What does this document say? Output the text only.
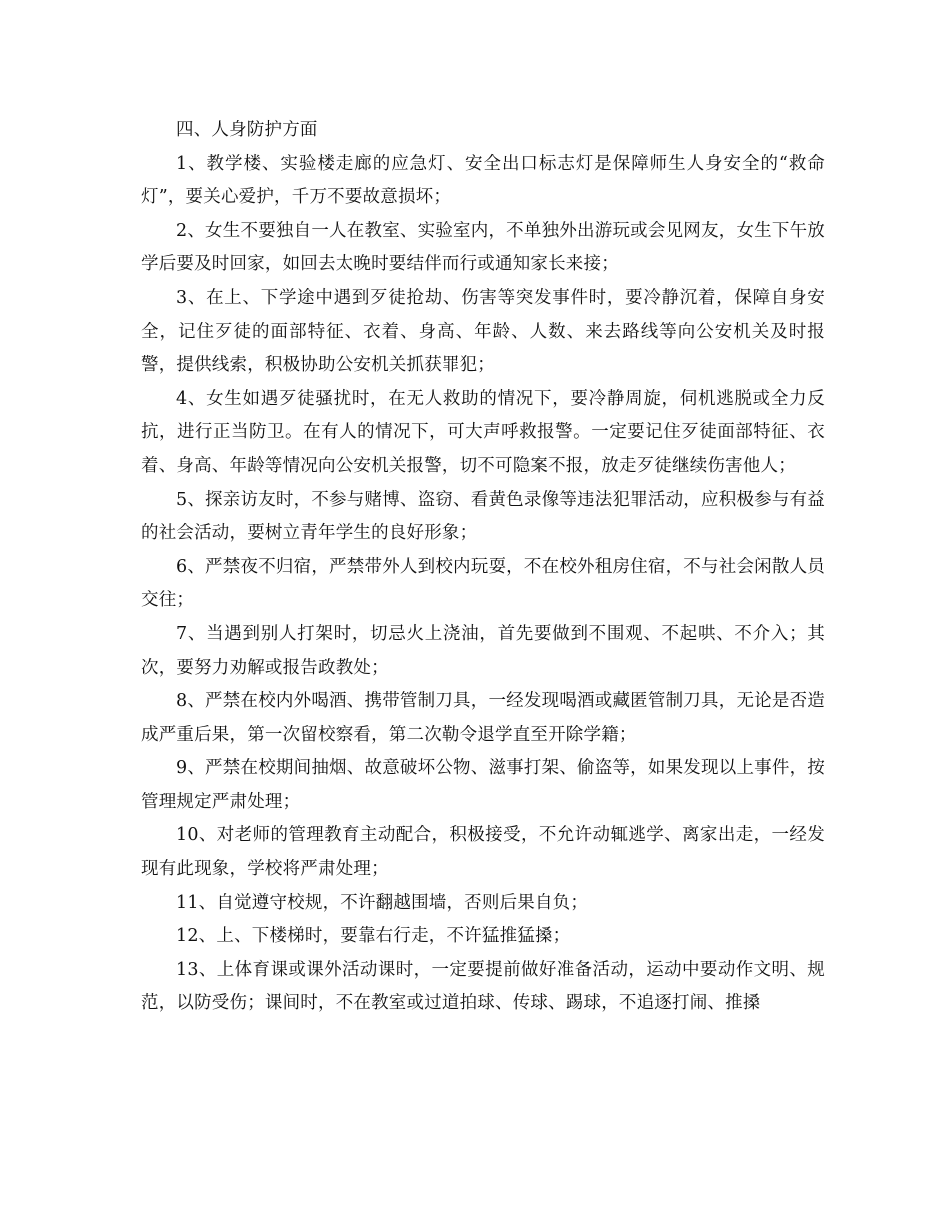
四、人身防护方面

1、教学楼、实验楼走廊的应急灯、安全出口标志灯是保障师生人身安全的“救命灯”，要关心爱护，千万不要故意损坏；

2、女生不要独自一人在教室、实验室内，不单独外出游玩或会见网友，女生下午放学后要及时回家，如回去太晚时要结伴而行或通知家长来接；

3、在上、下学途中遇到歹徒抢劫、伤害等突发事件时，要冷静沉着，保障自身安全，记住歹徒的面部特征、衣着、身高、年龄、人数、来去路线等向公安机关及时报警，提供线索，积极协助公安机关抓获罪犯；

4、女生如遇歹徒骚扰时，在无人救助的情况下，要冷静周旋，伺机逃脱或全力反抗，进行正当防卫。在有人的情况下，可大声呼救报警。一定要记住歹徒面部特征、衣着、身高、年龄等情况向公安机关报警，切不可隐案不报，放走歹徒继续伤害他人；

5、探亲访友时，不参与赌博、盗窃、看黄色录像等违法犯罪活动，应积极参与有益的社会活动，要树立青年学生的良好形象；

6、严禁夜不归宿，严禁带外人到校内玩耍，不在校外租房住宿，不与社会闲散人员交往；

7、当遇到别人打架时，切忌火上浇油，首先要做到不围观、不起哄、不介入；其次，要努力劝解或报告政教处；

8、严禁在校内外喝酒、携带管制刀具，一经发现喝酒或藏匿管制刀具，无论是否造成严重后果，第一次留校察看，第二次勒令退学直至开除学籍；

9、严禁在校期间抽烟、故意破坏公物、滋事打架、偷盗等，如果发现以上事件，按管理规定严肃处理；

10、对老师的管理教育主动配合，积极接受，不允许动辄逃学、离家出走，一经发现有此现象，学校将严肃处理；

11、自觉遵守校规，不许翻越围墙，否则后果自负；

12、上、下楼梯时，要靠右行走，不许猛推猛搡；

13、上体育课或课外活动课时，一定要提前做好准备活动，运动中要动作文明、规范，以防受伤；课间时，不在教室或过道拍球、传球、踢球，不追逐打闹、推搡
